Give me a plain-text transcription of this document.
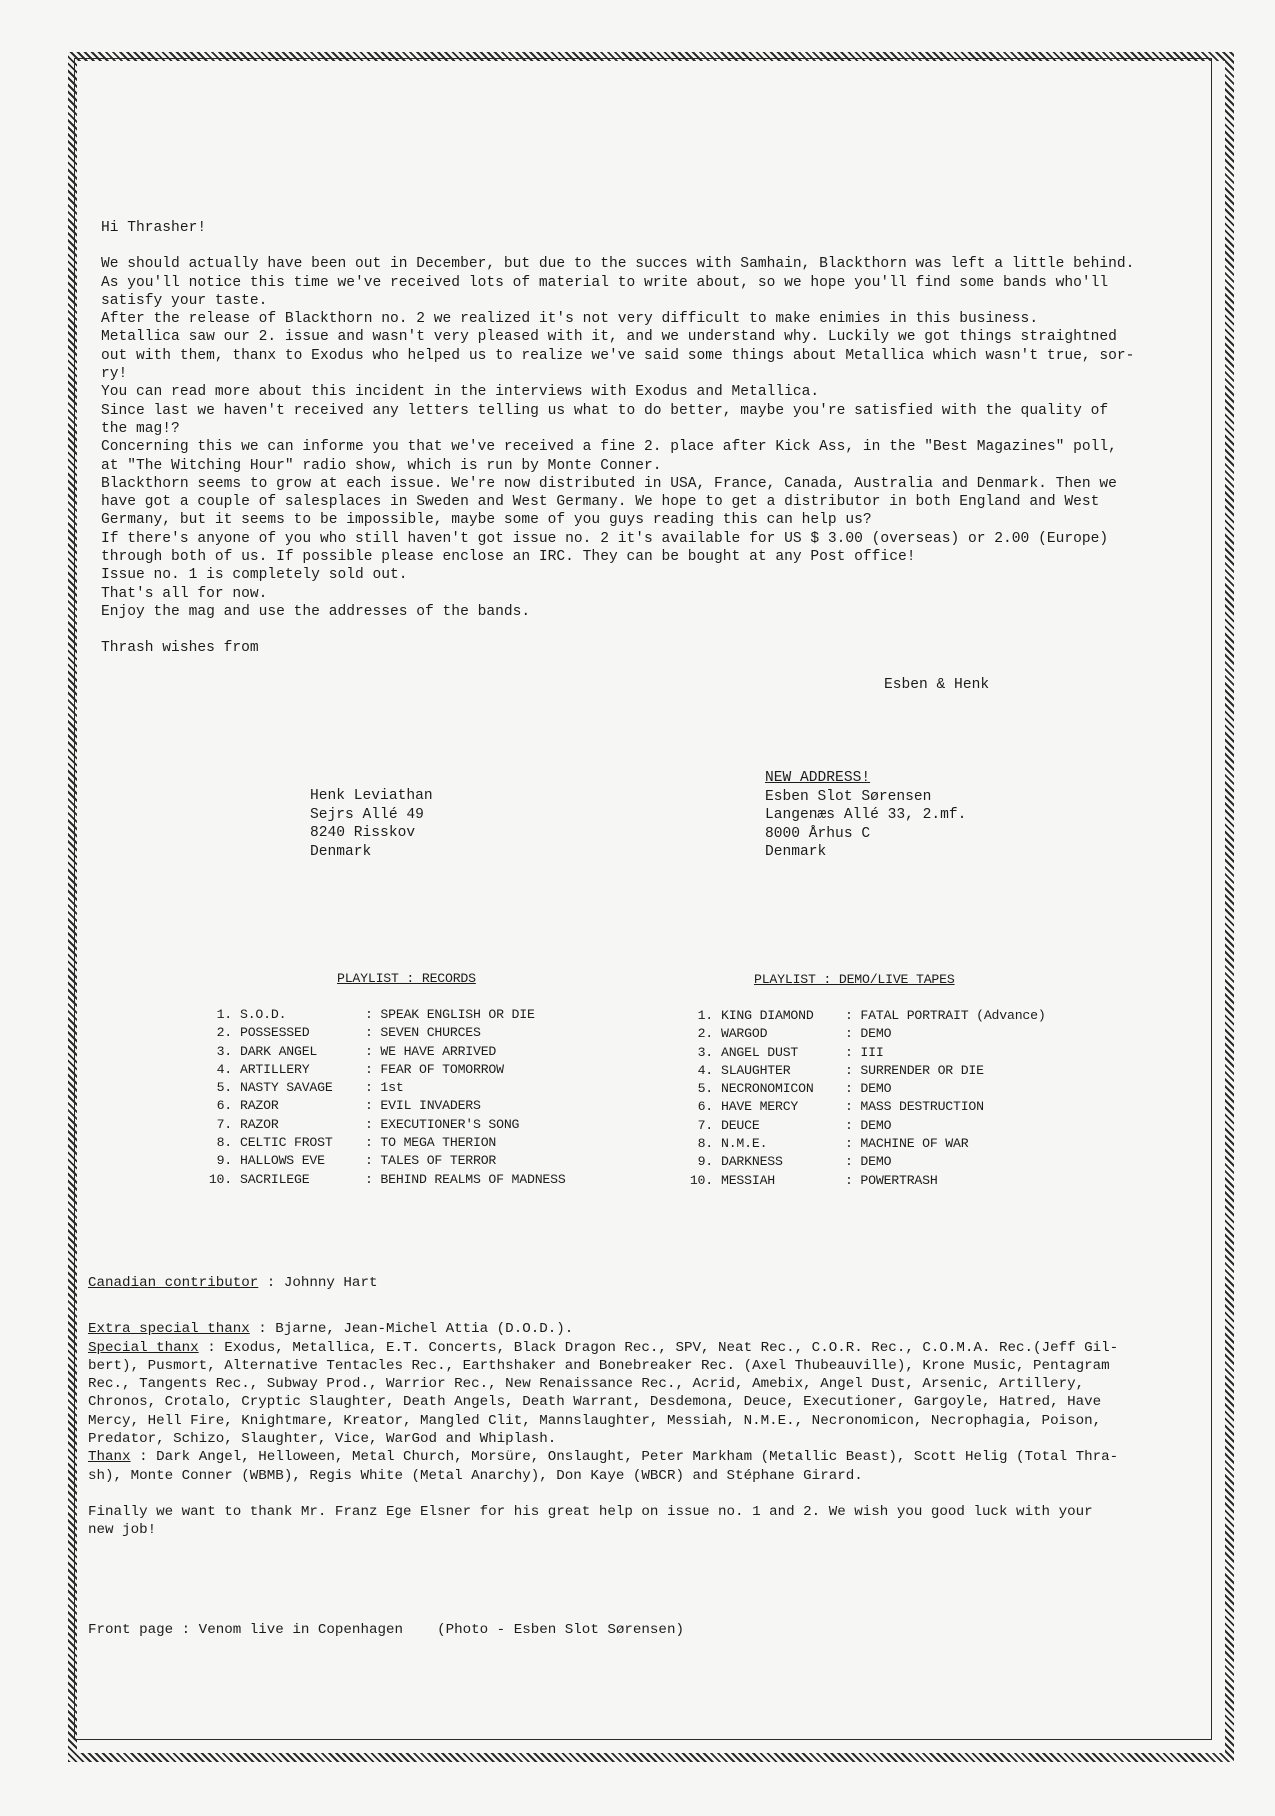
Hi Thrasher!

We should actually have been out in December, but due to the succes with Samhain, Blackthorn was left a little behind.
As you'll notice this time we've received lots of material to write about, so we hope you'll find some bands who'll
satisfy your taste.
After the release of Blackthorn no. 2 we realized it's not very difficult to make enimies in this business.
Metallica saw our 2. issue and wasn't very pleased with it, and we understand why. Luckily we got things straightned
out with them, thanx to Exodus who helped us to realize we've said some things about Metallica which wasn't true, sor-
ry!
You can read more about this incident in the interviews with Exodus and Metallica.
Since last we haven't received any letters telling us what to do better, maybe you're satisfied with the quality of
the mag!?
Concerning this we can informe you that we've received a fine 2. place after Kick Ass, in the "Best Magazines" poll,
at "The Witching Hour" radio show, which is run by Monte Conner.
Blackthorn seems to grow at each issue. We're now distributed in USA, France, Canada, Australia and Denmark. Then we
have got a couple of salesplaces in Sweden and West Germany. We hope to get a distributor in both England and West
Germany, but it seems to be impossible, maybe some of you guys reading this can help us?
If there's anyone of you who still haven't got issue no. 2 it's available for US $ 3.00 (overseas) or 2.00 (Europe)
through both of us. If possible please enclose an IRC. They can be bought at any Post office!
Issue no. 1 is completely sold out.
That's all for now.
Enjoy the mag and use the addresses of the bands.

Thrash wishes from

Esben & Henk
Henk Leviathan
Sejrs Allé 49
8240 Risskov
Denmark
NEW ADDRESS!
Esben Slot Sørensen
Langenæs Allé 33, 2.mf.
8000 Århus C
Denmark
PLAYLIST : RECORDS	PLAYLIST : DEMO/LIVE TAPES
1. S.O.D.	: SPEAK ENGLISH OR DIE
2. POSSESSED	: SEVEN CHURCES
3. DARK ANGEL	: WE HAVE ARRIVED
4. ARTILLERY	: FEAR OF TOMORROW
5. NASTY SAVAGE	: 1st
6. RAZOR	: EVIL INVADERS
7. RAZOR	: EXECUTIONER'S SONG
8. CELTIC FROST	: TO MEGA THERION
9. HALLOWS EVE	: TALES OF TERROR
10. SACRILEGE	: BEHIND REALMS OF MADNESS
1. KING DIAMOND	: FATAL PORTRAIT (Advance)
2. WARGOD	: DEMO
3. ANGEL DUST	: III
4. SLAUGHTER	: SURRENDER OR DIE
5. NECRONOMICON	: DEMO
6. HAVE MERCY	: MASS DESTRUCTION
7. DEUCE	: DEMO
8. N.M.E.	: MACHINE OF WAR
9. DARKNESS	: DEMO
10. MESSIAH	: POWERTRASH

Canadian contributor : Johnny Hart

Extra special thanx : Bjarne, Jean-Michel Attia (D.O.D.).

Special thanx : Exodus, Metallica, E.T. Concerts, Black Dragon Rec., SPV, Neat Rec., C.O.R. Rec., C.O.M.A. Rec.(Jeff Gil-
bert), Pusmort, Alternative Tentacles Rec., Earthshaker and Bonebreaker Rec. (Axel Thubeauville), Krone Music, Pentagram
Rec., Tangents Rec., Subway Prod., Warrior Rec., New Renaissance Rec., Acrid, Amebix, Angel Dust, Arsenic, Artillery,
Chronos, Crotalo, Cryptic Slaughter, Death Angels, Death Warrant, Desdemona, Deuce, Executioner, Gargoyle, Hatred, Have
Mercy, Hell Fire, Knightmare, Kreator, Mangled Clit, Mannslaughter, Messiah, N.M.E., Necronomicon, Necrophagia, Poison,
Predator, Schizo, Slaughter, Vice, WarGod and Whiplash.

Thanx : Dark Angel, Helloween, Metal Church, Morsüre, Onslaught, Peter Markham (Metallic Beast), Scott Helig (Total Thra-
sh), Monte Conner (WBMB), Regis White (Metal Anarchy), Don Kaye (WBCR) and Stéphane Girard.

Finally we want to thank Mr. Franz Ege Elsner for his great help on issue no. 1 and 2. We wish you good luck with your
new job!

Front page : Venom live in Copenhagen    (Photo - Esben Slot Sørensen)
